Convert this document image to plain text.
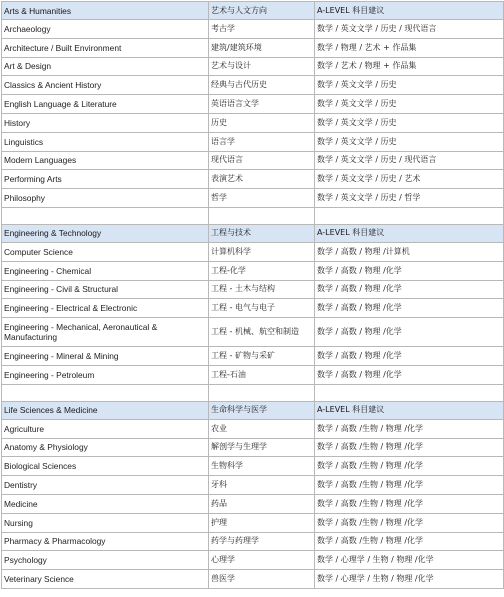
Arts & Humanities	艺术与人文方向	A-LEVEL 科目建议
Archaeology	考古学	数学 / 英文文学 / 历史 / 现代语言
Architecture / Built Environment	建筑/建筑环境	数学 / 物理 / 艺术 + 作品集
Art & Design	艺术与设计	数学 / 艺术 / 物理 + 作品集
Classics & Ancient History	经典与古代历史	数学 / 英文文学 / 历史
English Language & Literature	英语语言文学	数学 / 英文文学 / 历史
History	历史	数学 / 英文文学 / 历史
Linguistics	语言学	数学 / 英文文学 / 历史
Modern Languages	现代语言	数学 / 英文文学 / 历史 / 现代语言
Performing Arts	表演艺术	数学 / 英文文学 / 历史 / 艺术
Philosophy	哲学	数学 / 英文文学 / 历史 / 哲学

Engineering & Technology	工程与技术	A-LEVEL 科目建议
Computer Science	计算机科学	数学 / 高数 / 物理 /计算机
Engineering - Chemical	工程-化学	数学 / 高数 / 物理 /化学
Engineering - Civil & Structural	工程 - 土木与结构	数学 / 高数 / 物理 /化学
Engineering - Electrical & Electronic	工程 - 电气与电子	数学 / 高数 / 物理 /化学
Engineering - Mechanical, Aeronautical & Manufacturing	工程 - 机械、航空和制造	数学 / 高数 / 物理 /化学
Engineering - Mineral & Mining	工程 - 矿物与采矿	数学 / 高数 / 物理 /化学
Engineering - Petroleum	工程-石油	数学 / 高数 / 物理 /化学

Life Sciences & Medicine	生命科学与医学	A-LEVEL 科目建议
Agriculture	农业	数学 / 高数 /生物 / 物理 /化学
Anatomy & Physiology	解剖学与生理学	数学 / 高数 /生物 / 物理 /化学
Biological Sciences	生物科学	数学 / 高数 /生物 / 物理 /化学
Dentistry	牙科	数学 / 高数 /生物 / 物理 /化学
Medicine	药品	数学 / 高数 /生物 / 物理 /化学
Nursing	护理	数学 / 高数 /生物 / 物理 /化学
Pharmacy & Pharmacology	药学与药理学	数学 / 高数 /生物 / 物理 /化学
Psychology	心理学	数学 / 心理学 / 生物 / 物理 /化学
Veterinary Science	兽医学	数学 / 心理学 / 生物 / 物理 /化学
